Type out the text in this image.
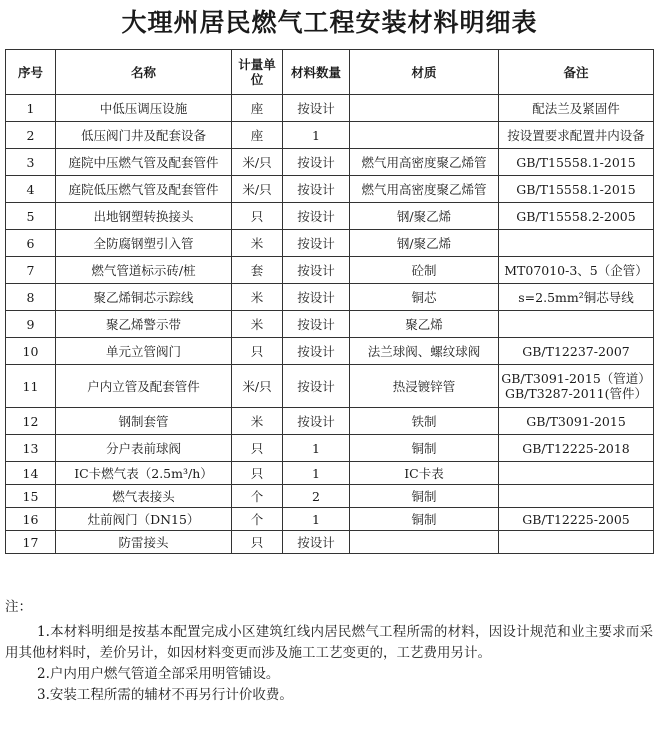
大理州居民燃气工程安装材料明细表
序号	名称	计量单位	材料数量	材质	备注
1	中低压调压设施	座	按设计		配法兰及紧固件
2	低压阀门井及配套设备	座	1		按设置要求配置井内设备
3	庭院中压燃气管及配套管件	米/只	按设计	燃气用高密度聚乙烯管	GB/T15558.1-2015
4	庭院低压燃气管及配套管件	米/只	按设计	燃气用高密度聚乙烯管	GB/T15558.1-2015
5	出地钢塑转换接头	只	按设计	钢/聚乙烯	GB/T15558.2-2005
6	全防腐钢塑引入管	米	按设计	钢/聚乙烯	
7	燃气管道标示砖/桩	套	按设计	砼制	MT07010-3、5（企管）
8	聚乙烯铜芯示踪线	米	按设计	铜芯	s=2.5mm²铜芯导线
9	聚乙烯警示带	米	按设计	聚乙烯	
10	单元立管阀门	只	按设计	法兰球阀、螺纹球阀	GB/T12237-2007
11	户内立管及配套管件	米/只	按设计	热浸镀锌管	GB/T3091-2015（管道）
GB/T3287-2011(管件）

12	钢制套管	米	按设计	铁制	GB/T3091-2015
13	分户表前球阀	只	1	铜制	GB/T12225-2018
14	IC卡燃气表（2.5m³/h）	只	1	IC卡表	
15	燃气表接头	个	2	铜制	
16	灶前阀门（DN15）	个	1	铜制	GB/T12225-2005
17	防雷接头	只	按设计		

注：

1.本材料明细是按基本配置完成小区建筑红线内居民燃气工程所需的材料，因设计规范和业主要求而采用其他材料时，差价另计，如因材料变更而涉及施工工艺变更的，工艺费用另计。

2.户内用户燃气管道全部采用明管铺设。

3.安装工程所需的辅材不再另行计价收费。
